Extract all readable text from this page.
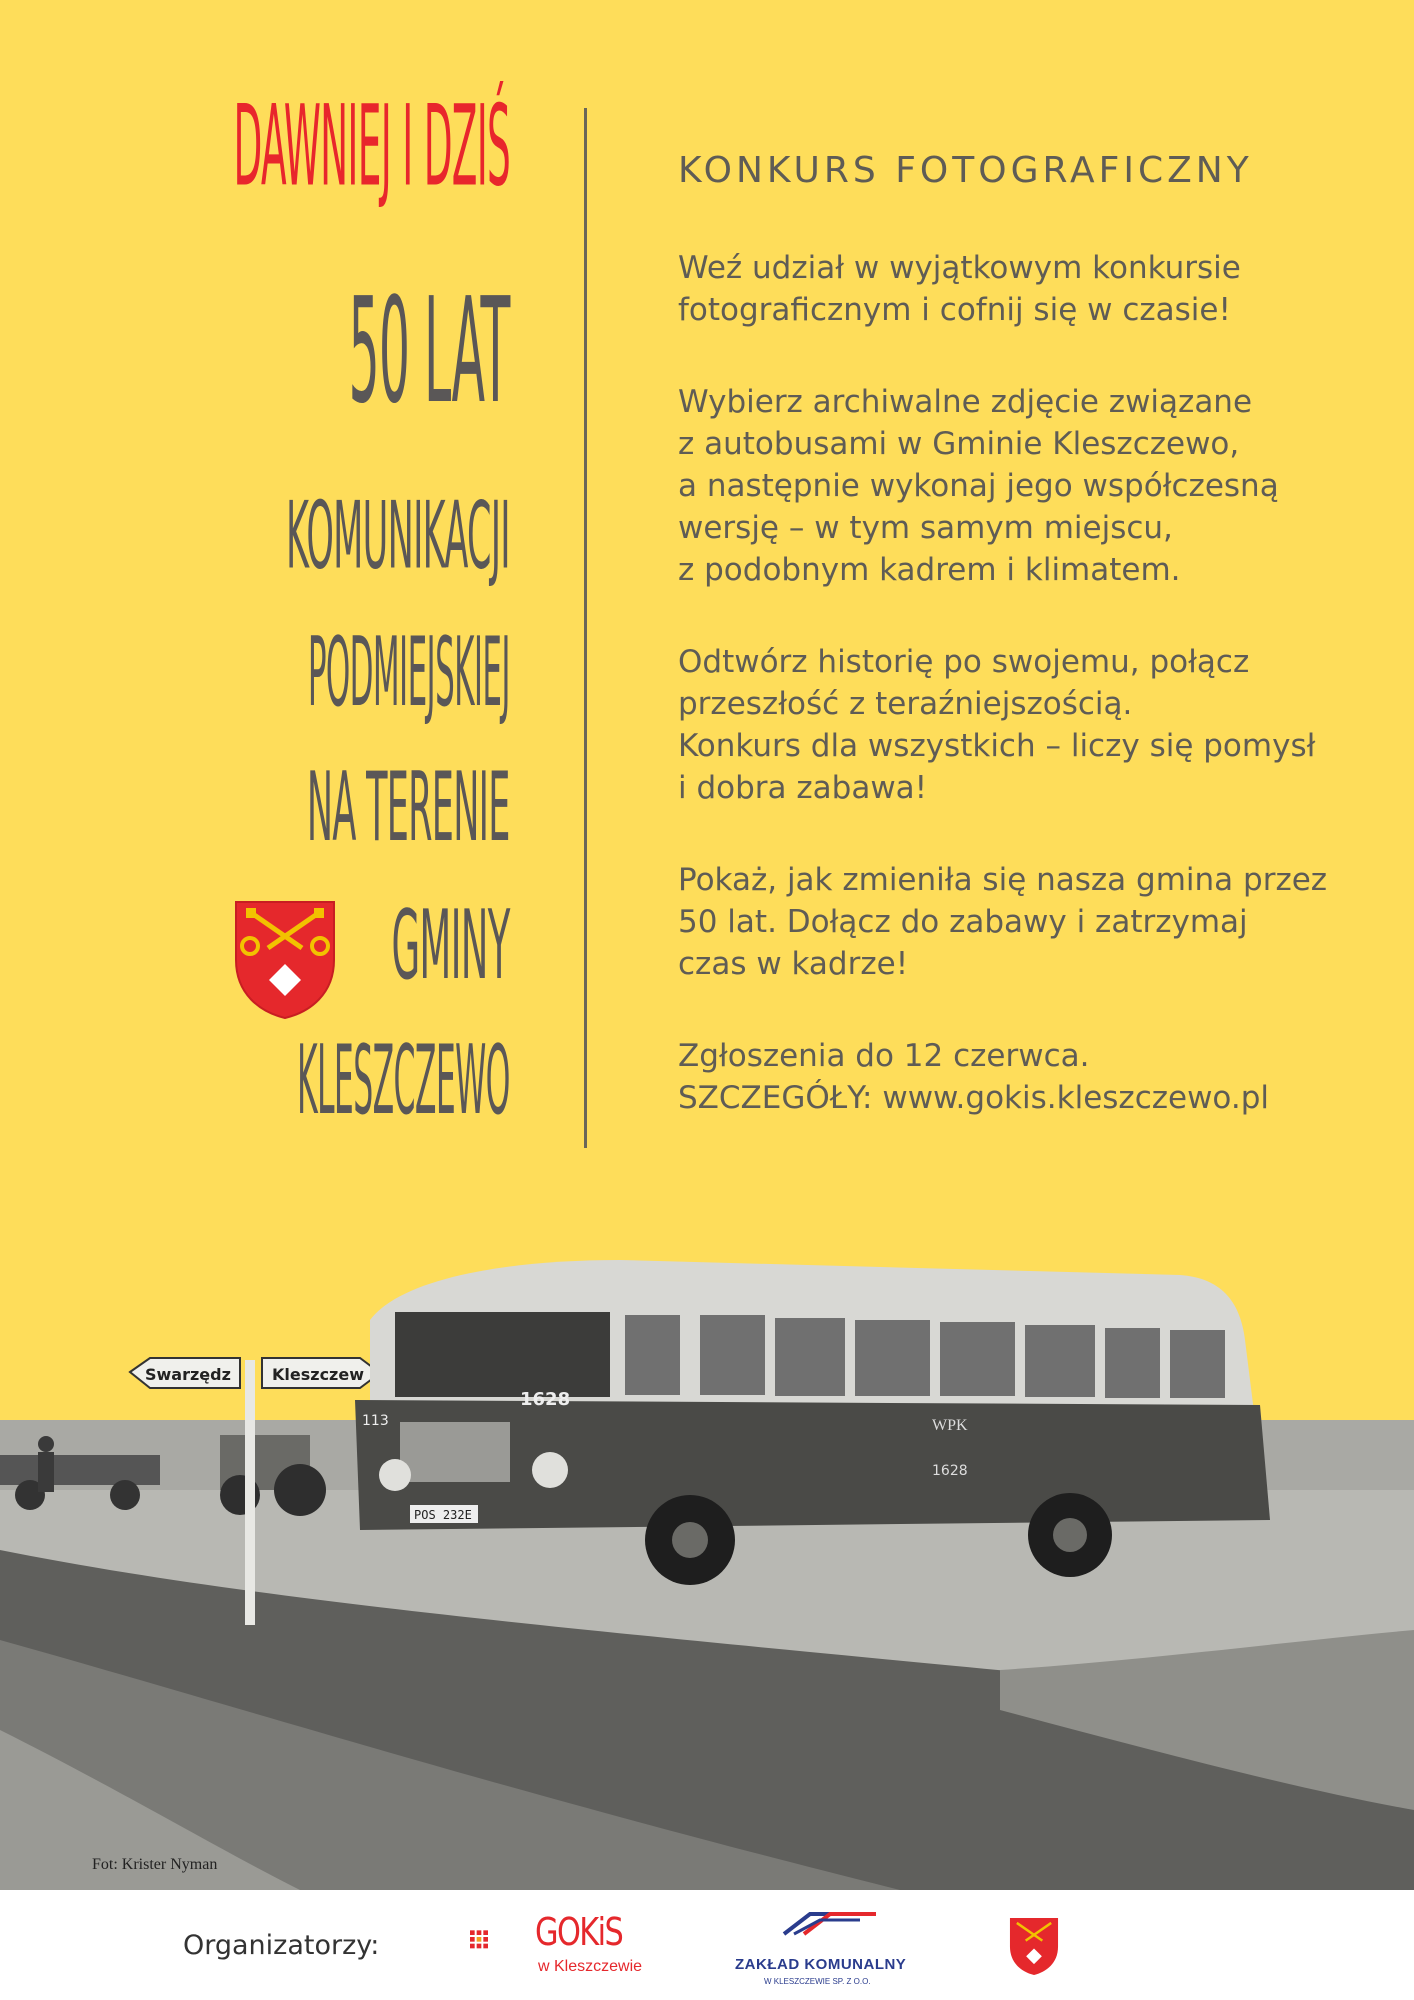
DAWNIEJ I DZIŚ
50 LAT
KOMUNIKACJI
PODMIEJSKIEJ
NA TERENIE
GMINY
KLESZCZEWO
KONKURS FOTOGRAFICZNY
Weź udział w wyjątkowym konkursie
fotograficznym i cofnij się w czasie!
Wybierz archiwalne zdjęcie związane
z autobusami w Gminie Kleszczewo,
a następnie wykonaj jego współczesną
wersję – w tym samym miejscu,
z podobnym kadrem i klimatem.
Odtwórz historię po swojemu, połącz
przeszłość z teraźniejszością.
Konkurs dla wszystkich – liczy się pomysł
i dobra zabawa!
Pokaż, jak zmieniła się nasza gmina przez
50 lat. Dołącz do zabawy i zatrzymaj
czas w kadrze!
Zgłoszenia do 12 czerwca.
SZCZEGÓŁY: www.gokis.kleszczewo.pl
Swarzędz	Kleszczew
1628
WPK
1628
113
POS 232E
Fot: Krister Nyman
Organizatorzy:	GOKiS
w Kleszczewie	ZAKŁAD KOMUNALNY
W KLESZCZEWIE SP. Z O.O.
